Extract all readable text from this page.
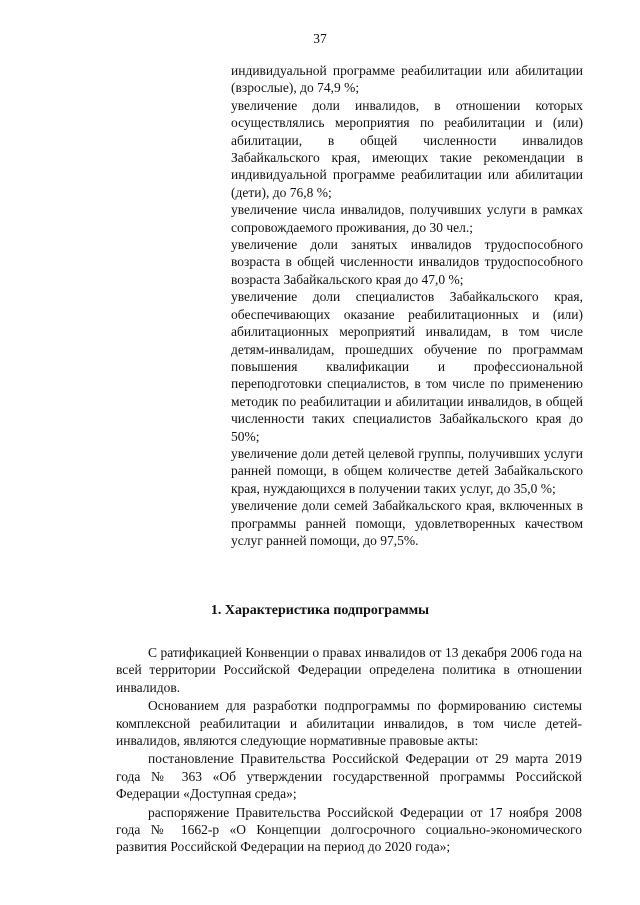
37
индивидуальной программе реабилитации или абилитации (взрослые), до 74,9 %;
увеличение доли инвалидов, в отношении которых осуществлялись мероприятия по реабилитации и (или) абилитации, в общей численности инвалидов Забайкальского края, имеющих такие рекомендации в индивидуальной программе реабилитации или абилитации (дети), до 76,8 %;
увеличение числа инвалидов, получивших услуги в рамках сопровождаемого проживания, до 30 чел.;
увеличение доли занятых инвалидов трудоспособного возраста в общей численности инвалидов трудоспособного возраста Забайкальского края до 47,0 %;
увеличение доли специалистов Забайкальского края, обеспечивающих оказание реабилитационных и (или) абилитационных мероприятий инвалидам, в том числе детям-инвалидам, прошедших обучение по программам повышения квалификации и профессиональной переподготовки специалистов, в том числе по применению методик по реабилитации и абилитации инвалидов, в общей численности таких специалистов Забайкальского края до 50%;
увеличение доли детей целевой группы, получивших услуги ранней помощи, в общем количестве детей Забайкальского края, нуждающихся в получении таких услуг, до 35,0 %;
увеличение доли семей Забайкальского края, включенных в программы ранней помощи, удовлетворенных качеством услуг ранней помощи, до 97,5%.
1. Характеристика подпрограммы
С ратификацией Конвенции о правах инвалидов от 13 декабря 2006 года на всей территории Российской Федерации определена политика в отношении инвалидов.
Основанием для разработки подпрограммы по формированию системы комплексной реабилитации и абилитации инвалидов, в том числе детей-инвалидов, являются следующие нормативные правовые акты:
постановление Правительства Российской Федерации от 29 марта 2019 года № 363 «Об утверждении государственной программы Российской Федерации «Доступная среда»;
распоряжение Правительства Российской Федерации от 17 ноября 2008 года № 1662-р «О Концепции долгосрочного социально-экономического развития Российской Федерации на период до 2020 года»;
